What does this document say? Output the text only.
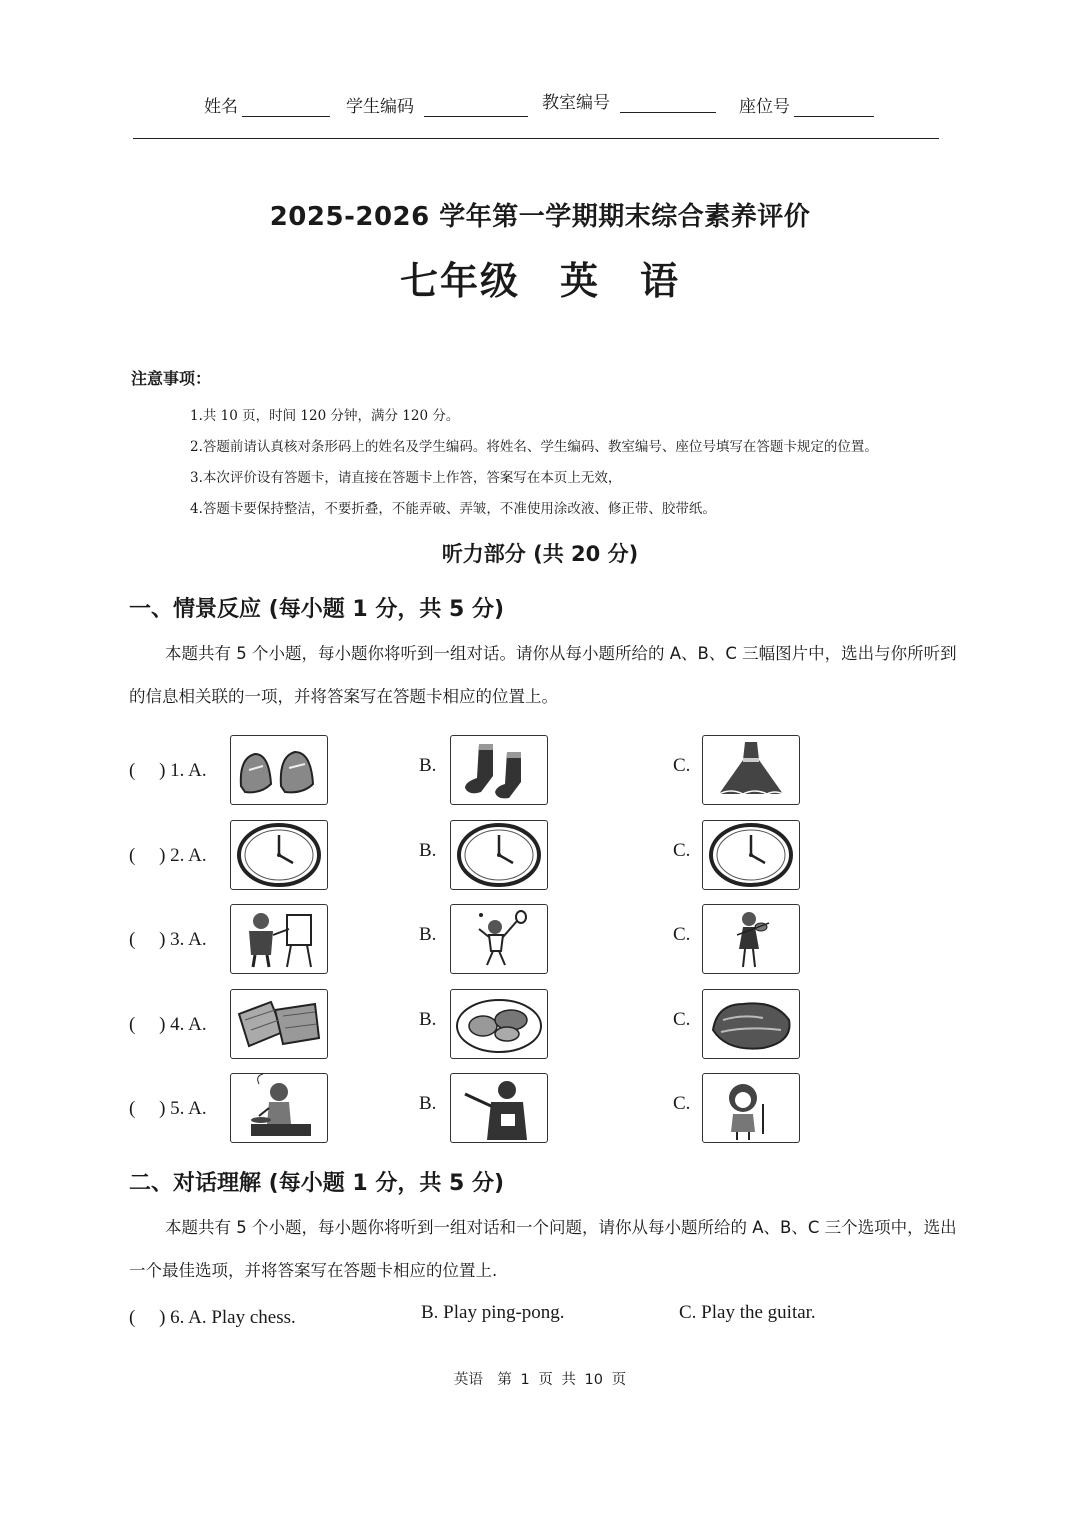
姓名	学生编码	教室编号	座位号
2025-2026 学年第一学期期末综合素养评价
七年级　英　语
注意事项：
1.共 10 页，时间 120 分钟，满分 120 分。
2.答题前请认真核对条形码上的姓名及学生编码。将姓名、学生编码、教室编号、座位号填写在答题卡规定的位置。
3.本次评价设有答题卡，请直接在答题卡上作答，答案写在本页上无效，
4.答题卡要保持整洁，不要折叠，不能弄破、弄皱，不准使用涂改液、修正带、胶带纸。
听力部分 (共 20 分)
一、情景反应 (每小题 1 分，共 5 分)
本题共有 5 个小题，每小题你将听到一组对话。请你从每小题所给的 A、B、C 三幅图片中，选出与你所听到的信息相关联的一项，并将答案写在答题卡相应的位置上。
(　 ) 1. A.	B.	C.
(　 ) 2. A.	B.	C.
(　 ) 3. A.	B.	C.
(　 ) 4. A.	B.	C.
(　 ) 5. A.	B.	C.
二、对话理解 (每小题 1 分，共 5 分)
本题共有 5 个小题，每小题你将听到一组对话和一个问题，请你从每小题所给的 A、B、C 三个选项中，选出 一个最佳选项，并将答案写在答题卡相应的位置上.
(　 ) 6. A. Play chess.	B. Play ping-pong.	C. Play the guitar.
英语　第 1 页 共 10 页
